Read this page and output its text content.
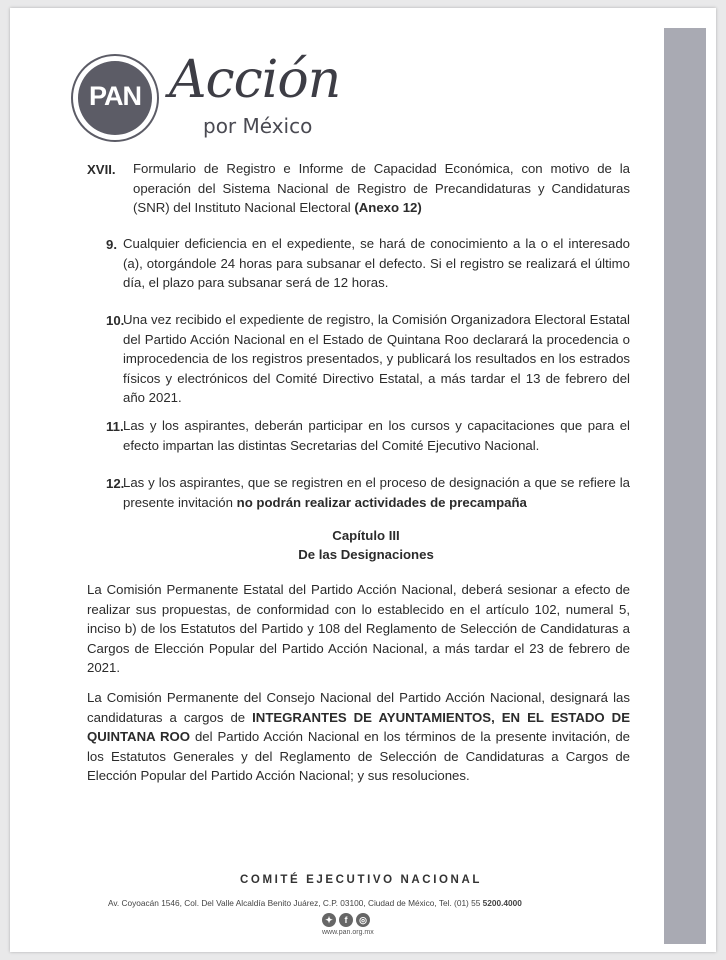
PAN Acción
por México
XVII. Formulario de Registro e Informe de Capacidad Económica, con motivo de la operación del Sistema Nacional de Registro de Precandidaturas y Candidaturas (SNR) del Instituto Nacional Electoral (Anexo 12)
9. Cualquier deficiencia en el expediente, se hará de conocimiento a la o el interesado (a), otorgándole 24 horas para subsanar el defecto. Si el registro se realizará el último día, el plazo para subsanar será de 12 horas.
10.
Una vez recibido el expediente de registro, la Comisión Organizadora Electoral Estatal del Partido Acción Nacional en el Estado de Quintana Roo declarará la procedencia o improcedencia de los registros presentados, y publicará los resultados en los estrados físicos y electrónicos del Comité Directivo Estatal, a más tardar el 13 de febrero del año 2021.
11. Las y los aspirantes, deberán participar en los cursos y capacitaciones que para el efecto impartan las distintas Secretarias del Comité Ejecutivo Nacional.
12.
Las y los aspirantes, que se registren en el proceso de designación a que se refiere la presente invitación no podrán realizar actividades de precampaña
Capítulo III
De las Designaciones
La Comisión Permanente Estatal del Partido Acción Nacional, deberá sesionar a efecto de realizar sus propuestas, de conformidad con lo establecido en el artículo 102, numeral 5, inciso b) de los Estatutos del Partido y 108 del Reglamento de Selección de Candidaturas a Cargos de Elección Popular del Partido Acción Nacional, a más tardar el 23 de febrero de 2021.
La Comisión Permanente del Consejo Nacional del Partido Acción Nacional, designará las candidaturas a cargos de INTEGRANTES DE AYUNTAMIENTOS, EN EL ESTADO DE QUINTANA ROO del Partido Acción Nacional en los términos de la presente invitación, de los Estatutos Generales y del Reglamento de Selección de Candidaturas a Cargos de Elección Popular del Partido Acción Nacional; y sus resoluciones.
COMITÉ EJECUTIVO NACIONAL
Av. Coyoacán 1546, Col. Del Valle Alcaldía Benito Juárez, C.P. 03100, Ciudad de México, Tel. (01) 55 5200.4000
✦ f ◎
www.pan.org.mx
